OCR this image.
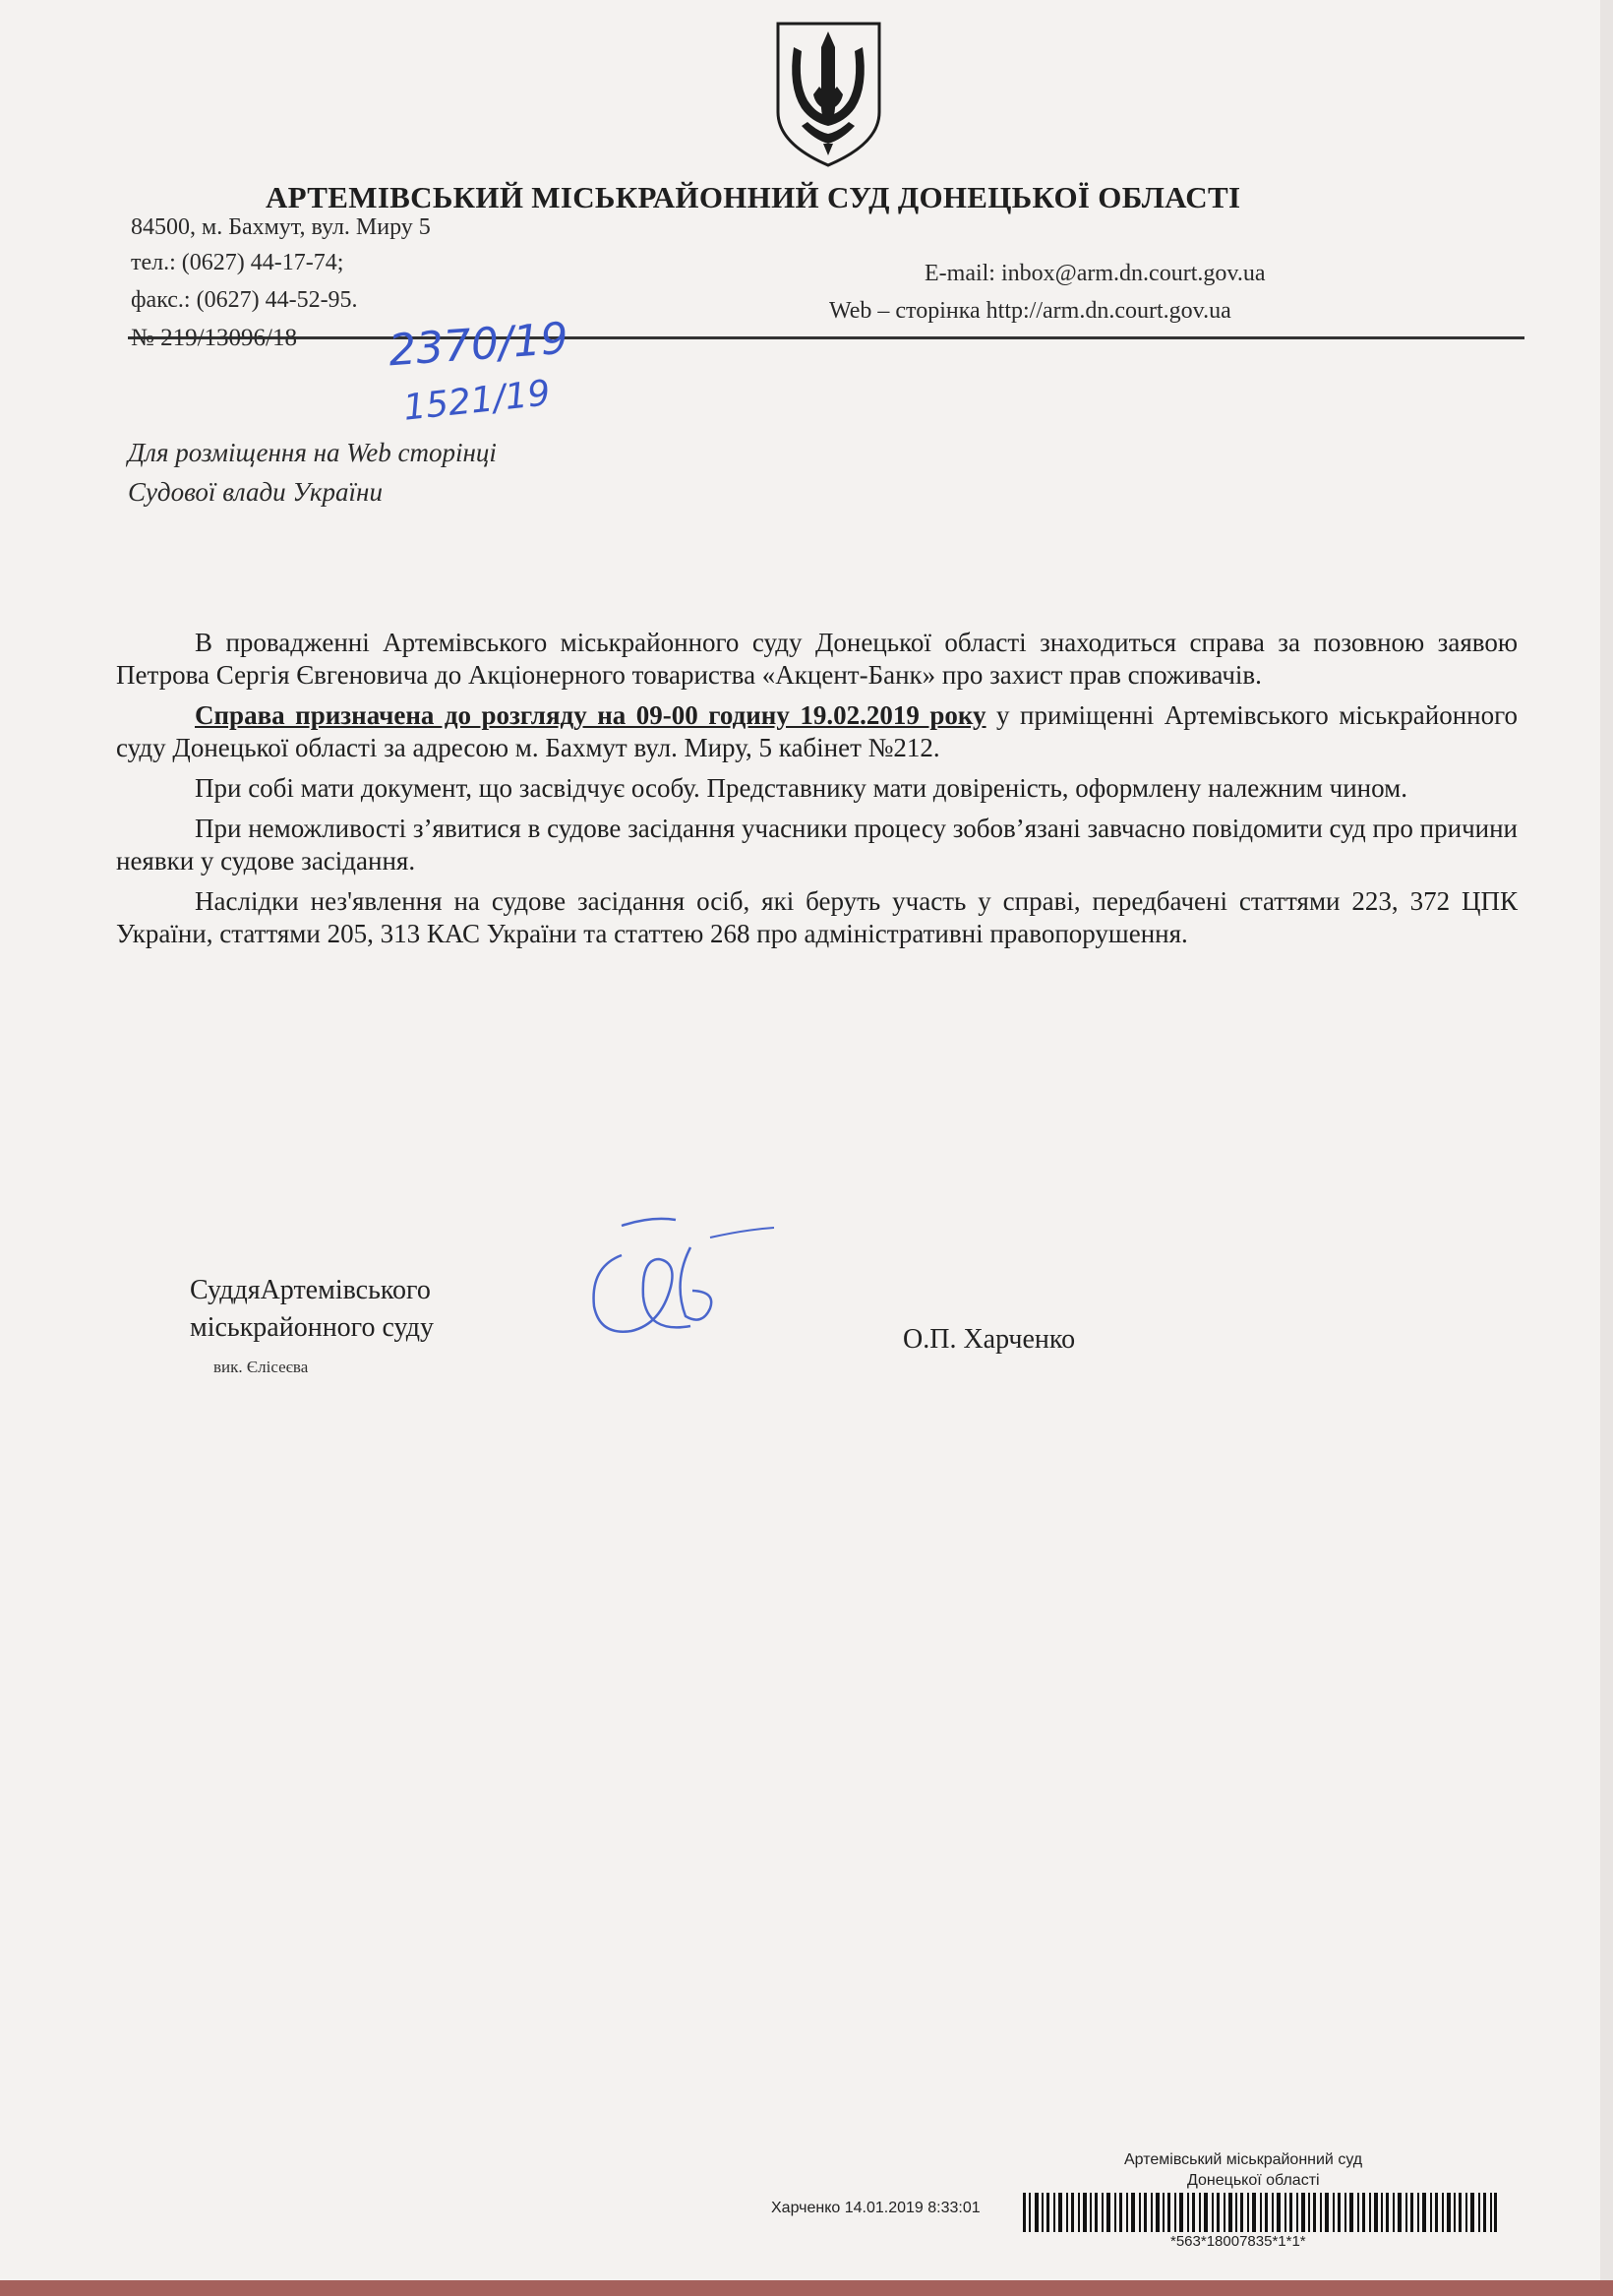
АРТЕМІВСЬКИЙ МІСЬКРАЙОННИЙ СУД ДОНЕЦЬКОЇ ОБЛАСТІ
84500, м. Бахмут, вул. Миру 5
тел.: (0627) 44-17-74;
факс.: (0627) 44-52-95.
E-mail: inbox@arm.dn.court.gov.ua
Web – сторінка http://arm.dn.court.gov.ua
№ 219/13096/18 2370/19
1521/19
Для розміщення на Web сторінці
Судової влади України

В провадженні Артемівського міськрайонного суду Донецької області знаходиться справа за позовною заявою Петрова Сергія Євгеновича до Акціонерного товариства «Акцент-Банк» про захист прав споживачів.

Справа призначена до розгляду на 09-00 годину 19.02.2019 року у приміщенні Артемівського міськрайонного суду Донецької області за адресою м. Бахмут вул. Миру, 5 кабінет №212.

При собі мати документ, що засвідчує особу. Представнику мати довіреність, оформлену належним чином.

При неможливості з’явитися в судове засідання учасники процесу зобов’язані завчасно повідомити суд про причини неявки у судове засідання.

Наслідки нез'явлення на судове засідання осіб, які беруть участь у справі, передбачені статтями 223, 372 ЦПК України, статтями 205, 313 КАС України та статтею 268 про адміністративні правопорушення.

СуддяАртемівського
міськрайонного суду
вик. Єлісеєва
О.П. Харченко
Артемівський міськрайонний суд
Донецької області
Харченко 14.01.2019 8:33:01
*563*18007835*1*1*
